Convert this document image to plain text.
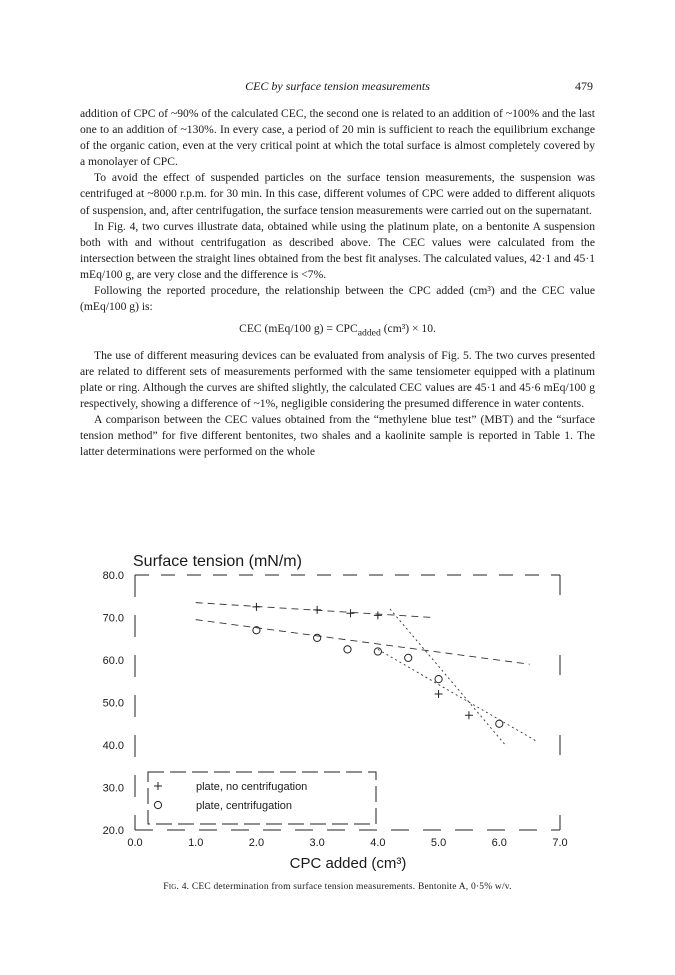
CEC by surface tension measurements	479

addition of CPC of ~90% of the calculated CEC, the second one is related to an addition of ~100% and the last one to an addition of ~130%. In every case, a period of 20 min is sufficient to reach the equilibrium exchange of the organic cation, even at the very critical point at which the total surface is almost completely covered by a monolayer of CPC.

To avoid the effect of suspended particles on the surface tension measurements, the suspension was centrifuged at ~8000 r.p.m. for 30 min. In this case, different volumes of CPC were added to different aliquots of suspension, and, after centrifugation, the surface tension measurements were carried out on the supernatant.

In Fig. 4, two curves illustrate data, obtained while using the platinum plate, on a bentonite A suspension both with and without centrifugation as described above. The CEC values were calculated from the intersection between the straight lines obtained from the best fit analyses. The calculated values, 42·1 and 45·1 mEq/100 g, are very close and the difference is <7%.

Following the reported procedure, the relationship between the CPC added (cm³) and the CEC value (mEq/100 g) is:

CEC (mEq/100 $g) = CPC_{added}$ (cm³) × 10.

The use of different measuring devices can be evaluated from analysis of Fig. 5. The two curves presented are related to different sets of measurements performed with the same tensiometer equipped with a platinum plate or ring. Although the curves are shifted slightly, the calculated CEC values are 45·1 and 45·6 mEq/100 g respectively, showing a difference of ~1%, negligible considering the presumed difference in water contents.

A comparison between the CEC values obtained from the “methylene blue test” (MBT) and the “surface tension method” for five different bentonites, two shales and a kaolinite sample is reported in Table 1. The latter determinations were performed on the whole

Surface tension (mN/m)
20.0
30.0
40.0
50.0
60.0
70.0
80.0
0.0	1.0	2.0	3.0	4.0	5.0	6.0	7.0
plate, no centrifugation
plate, centrifugation
CPC added (cm³)
Fig. 4. CEC determination from surface tension measurements. Bentonite A, 0·5% w/v.
